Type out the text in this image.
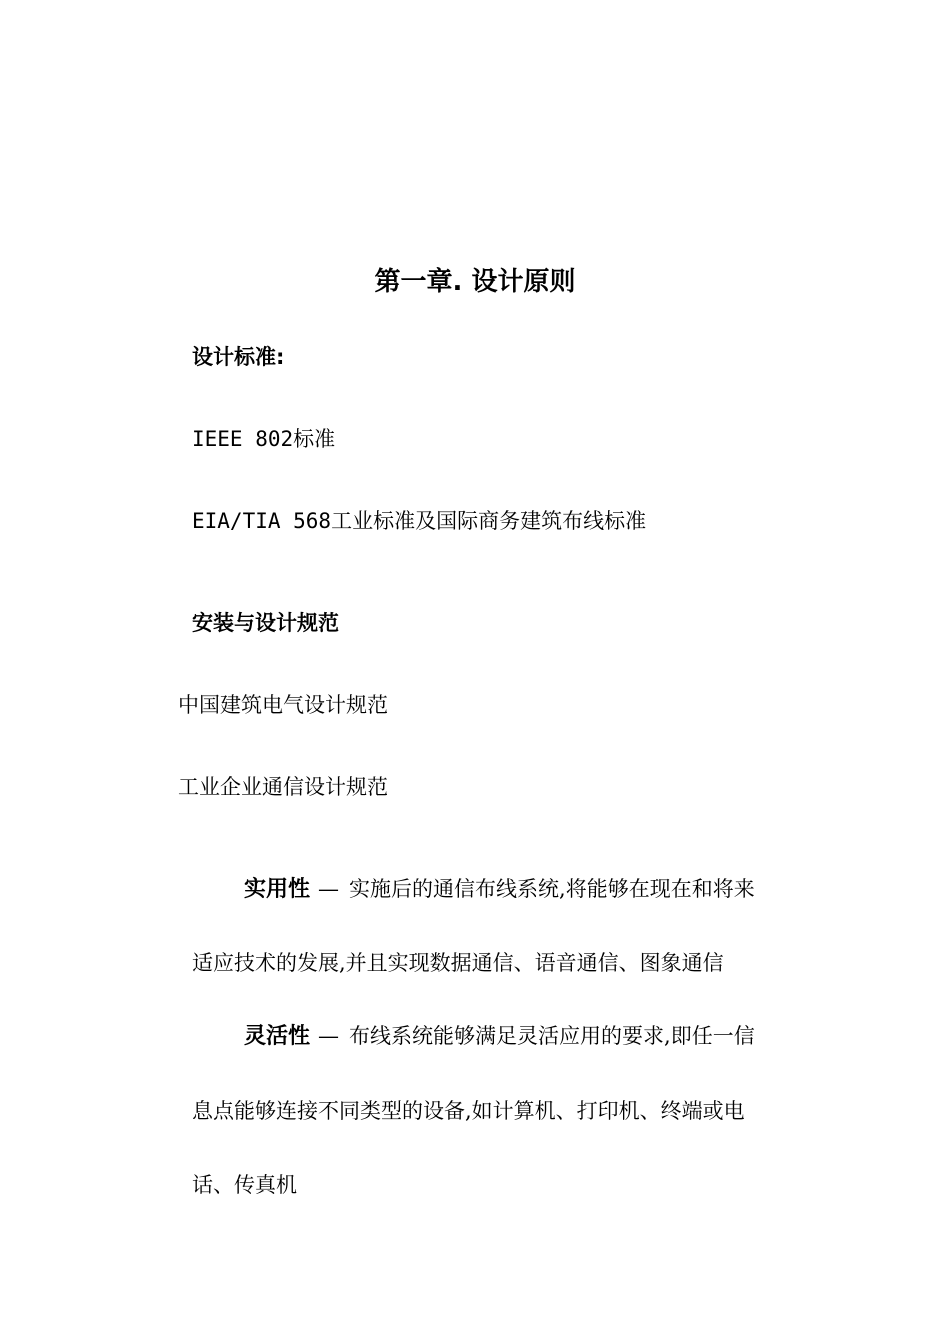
第一章. 设计原则
设计标准:
IEEE 802标准
EIA/TIA 568工业标准及国际商务建筑布线标准
安装与设计规范
中国建筑电气设计规范
工业企业通信设计规范
实用性 — 实施后的通信布线系统,将能够在现在和将来
适应技术的发展,并且实现数据通信、语音通信、图象通信
灵活性 — 布线系统能够满足灵活应用的要求,即任一信
息点能够连接不同类型的设备,如计算机、打印机、终端或电
话、传真机
